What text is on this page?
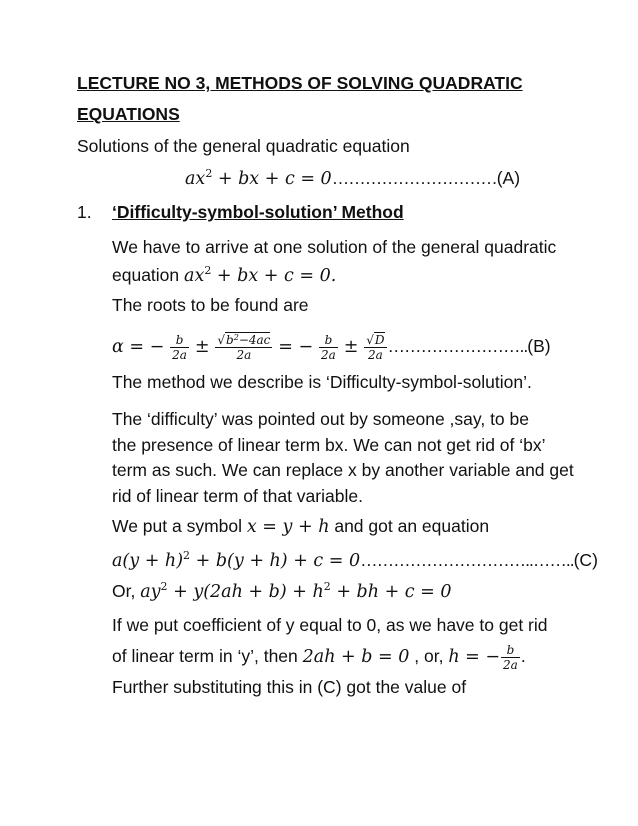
LECTURE NO 3, METHODS OF SOLVING QUADRATIC
EQUATIONS
Solutions of the general quadratic equation
$ax^2$ + bx + c = 0…………………………(A)
1. ‘Difficulty-symbol-solution’ Method
We have to arrive at one solution of the general quadratic
equation $ax^2$ + bx + c = 0.
The roots to be found are
α = − $\frac{b}{2a} \pm \frac{√b^2-4ac}{2a}$ = − $\frac{b}{2a} \pm \frac{√D}{2a}$ ……………………..(B)
The method we describe is ‘Difficulty-symbol-solution’.
The ‘difficulty’ was pointed out by someone ,say, to be
the presence of linear term bx. We can not get rid of ‘bx’
term as such. We can replace x by another variable and get
rid of linear term of that variable.
We put a symbol x = y + h and got an equation
$a(y + h)^2 + b(y + h) + c$ = 0…………………………..……..(C)
Or, $ay^2 + y(2ah + b) + h^2$ + bh + c = 0
If we put coefficient of y equal to 0, as we have to get rid
of linear term in ‘y’, then 2ah + b = 0 , or, h = − $\frac{b}{2a}$ .
Further substituting this in (C) got the value of
